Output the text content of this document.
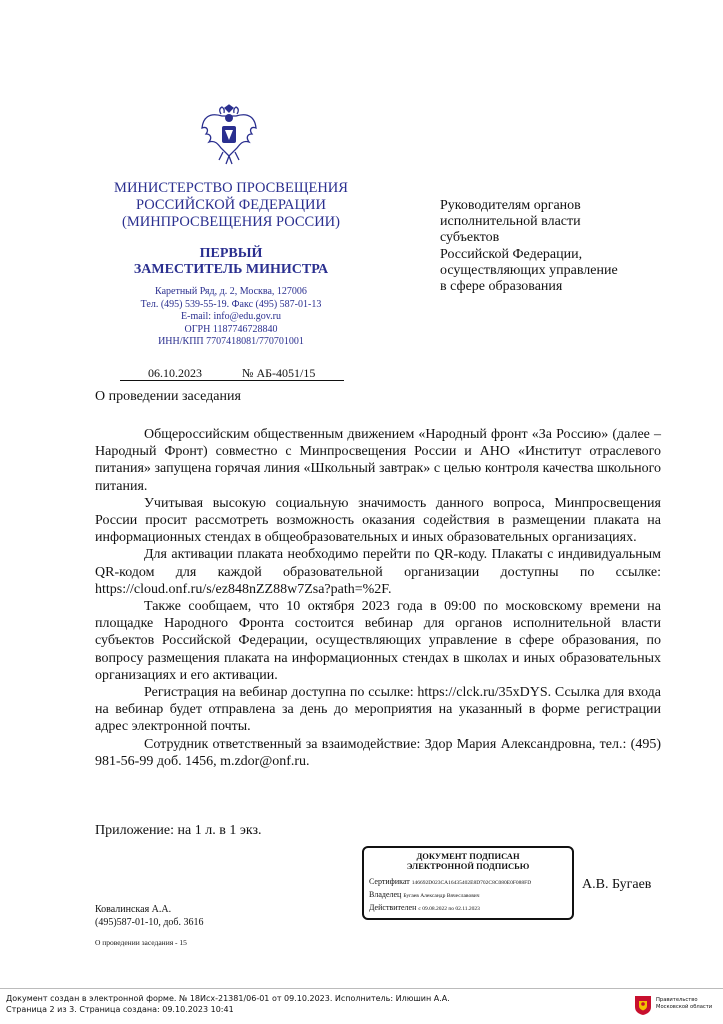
МИНИСТЕРСТВО ПРОСВЕЩЕНИЯ
РОССИЙСКОЙ ФЕДЕРАЦИИ
(МИНПРОСВЕЩЕНИЯ РОССИИ)
ПЕРВЫЙ
ЗАМЕСТИТЕЛЬ МИНИСТРА
Каретный Ряд, д. 2, Москва, 127006
Тел. (495) 539-55-19. Факс (495) 587-01-13
E-mail: info@edu.gov.ru
ОГРН 1187746728840
ИНН/КПП 7707418081/770701001
06.10.2023	№ АБ-4051/15
Руководителям органов
исполнительной власти
субъектов
Российской Федерации,
осуществляющих управление
в сфере образования
О проведении заседания

Общероссийским общественным движением «Народный фронт «За Россию» (далее – Народный Фронт) совместно с Минпросвещения России и АНО «Институт отраслевого питания» запущена горячая линия «Школьный завтрак» с целью контроля качества школьного питания.

Учитывая высокую социальную значимость данного вопроса, Минпросвещения России просит рассмотреть возможность оказания содействия в размещении плаката на информационных стендах в общеобразовательных и иных образовательных организациях.

Для активации плаката необходимо перейти по QR-коду. Плакаты с индивидуальным QR-кодом для каждой образовательной организации доступны по ссылке: https://cloud.onf.ru/s/ez848nZZ88w7Zsa?path=%2F.

Также сообщаем, что 10 октября 2023 года в 09:00 по московскому времени на площадке Народного Фронта состоится вебинар для органов исполнительной власти субъектов Российской Федерации, осуществляющих управление в сфере образования, по вопросу размещения плаката на информационных стендах в школах и иных образовательных организациях и его активации.

Регистрация на вебинар доступна по ссылке: https://clck.ru/35xDYS. Ссылка для входа на вебинар будет отправлена за день до мероприятия на указанный в форме регистрации адрес электронной почты.

Сотрудник ответственный за взаимодействие: Здор Мария Александровна, тел.: (495) 981-56-99 доб. 1456, m.zdor@onf.ru.

Приложение: на 1 л. в 1 экз.
ДОКУМЕНТ ПОДПИСАН
ЭЛЕКТРОННОЙ ПОДПИСЬЮ
Сертификат 146692D023CA16435402E8D702C8C080E0F088FD
Владелец Бугаев Александр Вячеславович
Действителен с 09.08.2022 по 02.11.2023
А.В. Бугаев
Ковалинская А.А.
(495)587-01-10, доб. 3616
О проведении заседания - 15
Документ создан в электронной форме. № 18Исх-21381/06-01 от 09.10.2023. Исполнитель: Илюшин А.А.
Страница 2 из 3. Страница создана: 09.10.2023 10:41
Правительство
Московской области
